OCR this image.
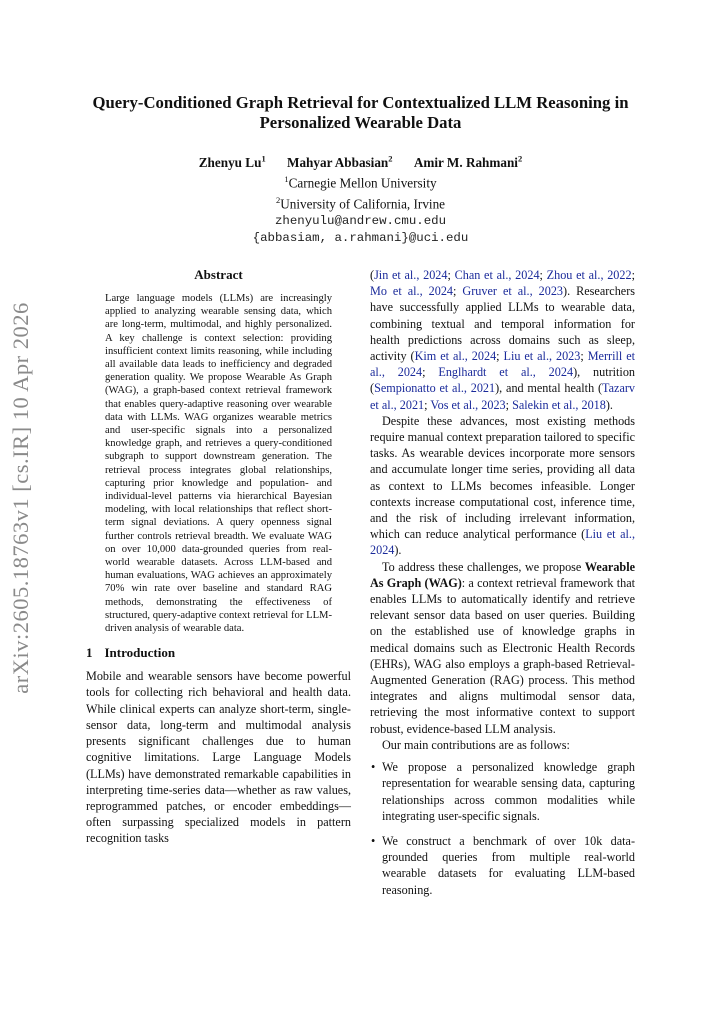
arXiv:2605.18763v1 [cs.IR] 10 Apr 2026
Query-Conditioned Graph Retrieval for Contextualized LLM Reasoning in Personalized Wearable Data
Zhenyu Lu$^1$ Mahyar Abbasian$^2$ Amir M. Rahmani$^2$
$^1$Carnegie Mellon University
$^2$University of California, Irvine
zhenyulu@andrew.cmu.edu
{abbasiam, a.rahmani}@uci.edu
Abstract
Large language models (LLMs) are increasingly applied to analyzing wearable sensing data, which are long-term, multimodal, and highly personalized. A key challenge is context selection: providing insufficient context limits reasoning, while including all available data leads to inefficiency and degraded generation quality. We propose Wearable As Graph (WAG), a graph-based context retrieval framework that enables query-adaptive reasoning over wearable data with LLMs. WAG organizes wearable metrics and user-specific signals into a personalized knowledge graph, and retrieves a query-conditioned subgraph to support downstream generation. The retrieval process integrates global relationships, capturing prior knowledge and population- and individual-level patterns via hierarchical Bayesian modeling, with local relationships that reflect short-term signal deviations. A query openness signal further controls retrieval breadth. We evaluate WAG on over 10,000 data-grounded queries from real-world wearable datasets. Across LLM-based and human evaluations, WAG achieves an approximately 70% win rate over baseline and standard RAG methods, demonstrating the effectiveness of structured, query-adaptive context retrieval for LLM-driven analysis of wearable data.
1 Introduction

Mobile and wearable sensors have become powerful tools for collecting rich behavioral and health data. While clinical experts can analyze short-term, single-sensor data, long-term and multimodal analysis presents significant challenges due to human cognitive limitations. Large Language Models (LLMs) have demonstrated remarkable capabilities in interpreting time-series data—whether as raw values, reprogrammed patches, or encoder embeddings—often surpassing specialized models in pattern recognition tasks

(Jin et al., 2024; Chan et al., 2024; Zhou et al., 2022; Mo et al., 2024; Gruver et al., 2023). Researchers have successfully applied LLMs to wearable data, combining textual and temporal information for health predictions across domains such as sleep, activity (Kim et al., 2024; Liu et al., 2023; Merrill et al., 2024; Englhardt et al., 2024), nutrition (Sempionatto et al., 2021), and mental health (Tazarv et al., 2021; Vos et al., 2023; Salekin et al., 2018).

Despite these advances, most existing methods require manual context preparation tailored to specific tasks. As wearable devices incorporate more sensors and accumulate longer time series, providing all data as context to LLMs becomes infeasible. Longer contexts increase computational cost, inference time, and the risk of including irrelevant information, which can reduce analytical performance (Liu et al., 2024).

To address these challenges, we propose Wearable As Graph (WAG): a context retrieval framework that enables LLMs to automatically identify and retrieve relevant sensor data based on user queries. Building on the established use of knowledge graphs in medical domains such as Electronic Health Records (EHRs), WAG also employs a graph-based Retrieval-Augmented Generation (RAG) process. This method integrates and aligns multimodal sensor data, retrieving the most informative context to support robust, evidence-based LLM analysis.

Our main contributions are as follows:

• We propose a personalized knowledge graph representation for wearable sensing data, capturing relationships across common modalities while integrating user-specific signals.
• We construct a benchmark of over 10k data-grounded queries from multiple real-world wearable datasets for evaluating LLM-based reasoning.
